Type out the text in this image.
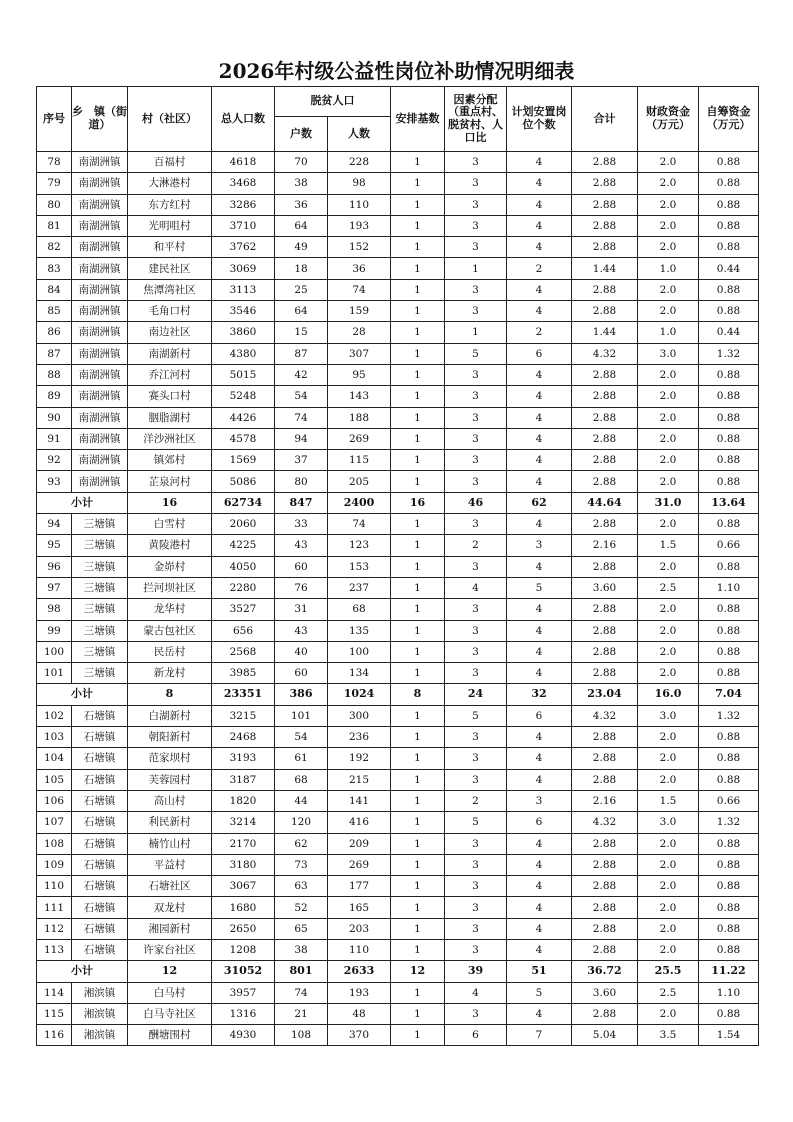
2026年村级公益性岗位补助情况明细表
序号	乡　镇（街道）	村（社区）	总人口数	脱贫人口		安排基数	因素分配（重点村、脱贫村、人口比	计划安置岗位个数	合计	财政资金（万元）	自筹资金（万元）
				户数	人数						
78	南湖洲镇	百福村	4618	70	228	1	3	4	2.88	2.0	0.88
79	南湖洲镇	大淋港村	3468	38	98	1	3	4	2.88	2.0	0.88
80	南湖洲镇	东方红村	3286	36	110	1	3	4	2.88	2.0	0.88
81	南湖洲镇	光明咀村	3710	64	193	1	3	4	2.88	2.0	0.88
82	南湖洲镇	和平村	3762	49	152	1	3	4	2.88	2.0	0.88
83	南湖洲镇	建民社区	3069	18	36	1	1	2	1.44	1.0	0.44
84	南湖洲镇	焦潭湾社区	3113	25	74	1	3	4	2.88	2.0	0.88
85	南湖洲镇	毛角口村	3546	64	159	1	3	4	2.88	2.0	0.88
86	南湖洲镇	南边社区	3860	15	28	1	1	2	1.44	1.0	0.44
87	南湖洲镇	南湖新村	4380	87	307	1	5	6	4.32	3.0	1.32
88	南湖洲镇	乔江河村	5015	42	95	1	3	4	2.88	2.0	0.88
89	南湖洲镇	赛头口村	5248	54	143	1	3	4	2.88	2.0	0.88
90	南湖洲镇	胭脂湖村	4426	74	188	1	3	4	2.88	2.0	0.88
91	南湖洲镇	洋沙洲社区	4578	94	269	1	3	4	2.88	2.0	0.88
92	南湖洲镇	镇郊村	1569	37	115	1	3	4	2.88	2.0	0.88
93	南湖洲镇	芷泉河村	5086	80	205	1	3	4	2.88	2.0	0.88
小计		16	62734	847	2400	16	46	62	44.64	31.0	13.64
94	三塘镇	白雪村	2060	33	74	1	3	4	2.88	2.0	0.88
95	三塘镇	黄陵港村	4225	43	123	1	2	3	2.16	1.5	0.66
96	三塘镇	金峁村	4050	60	153	1	3	4	2.88	2.0	0.88
97	三塘镇	拦河坝社区	2280	76	237	1	4	5	3.60	2.5	1.10
98	三塘镇	龙华村	3527	31	68	1	3	4	2.88	2.0	0.88
99	三塘镇	蒙古包社区	656	43	135	1	3	4	2.88	2.0	0.88
100	三塘镇	民岳村	2568	40	100	1	3	4	2.88	2.0	0.88
101	三塘镇	新龙村	3985	60	134	1	3	4	2.88	2.0	0.88
小计		8	23351	386	1024	8	24	32	23.04	16.0	7.04
102	石塘镇	白湖新村	3215	101	300	1	5	6	4.32	3.0	1.32
103	石塘镇	朝阳新村	2468	54	236	1	3	4	2.88	2.0	0.88
104	石塘镇	范家坝村	3193	61	192	1	3	4	2.88	2.0	0.88
105	石塘镇	芙蓉园村	3187	68	215	1	3	4	2.88	2.0	0.88
106	石塘镇	高山村	1820	44	141	1	2	3	2.16	1.5	0.66
107	石塘镇	利民新村	3214	120	416	1	5	6	4.32	3.0	1.32
108	石塘镇	楠竹山村	2170	62	209	1	3	4	2.88	2.0	0.88
109	石塘镇	平益村	3180	73	269	1	3	4	2.88	2.0	0.88
110	石塘镇	石塘社区	3067	63	177	1	3	4	2.88	2.0	0.88
111	石塘镇	双龙村	1680	52	165	1	3	4	2.88	2.0	0.88
112	石塘镇	湘园新村	2650	65	203	1	3	4	2.88	2.0	0.88
113	石塘镇	许家台社区	1208	38	110	1	3	4	2.88	2.0	0.88
小计		12	31052	801	2633	12	39	51	36.72	25.5	11.22
114	湘滨镇	白马村	3957	74	193	1	4	5	3.60	2.5	1.10
115	湘滨镇	白马寺社区	1316	21	48	1	3	4	2.88	2.0	0.88
116	湘滨镇	酬塘围村	4930	108	370	1	6	7	5.04	3.5	1.54
